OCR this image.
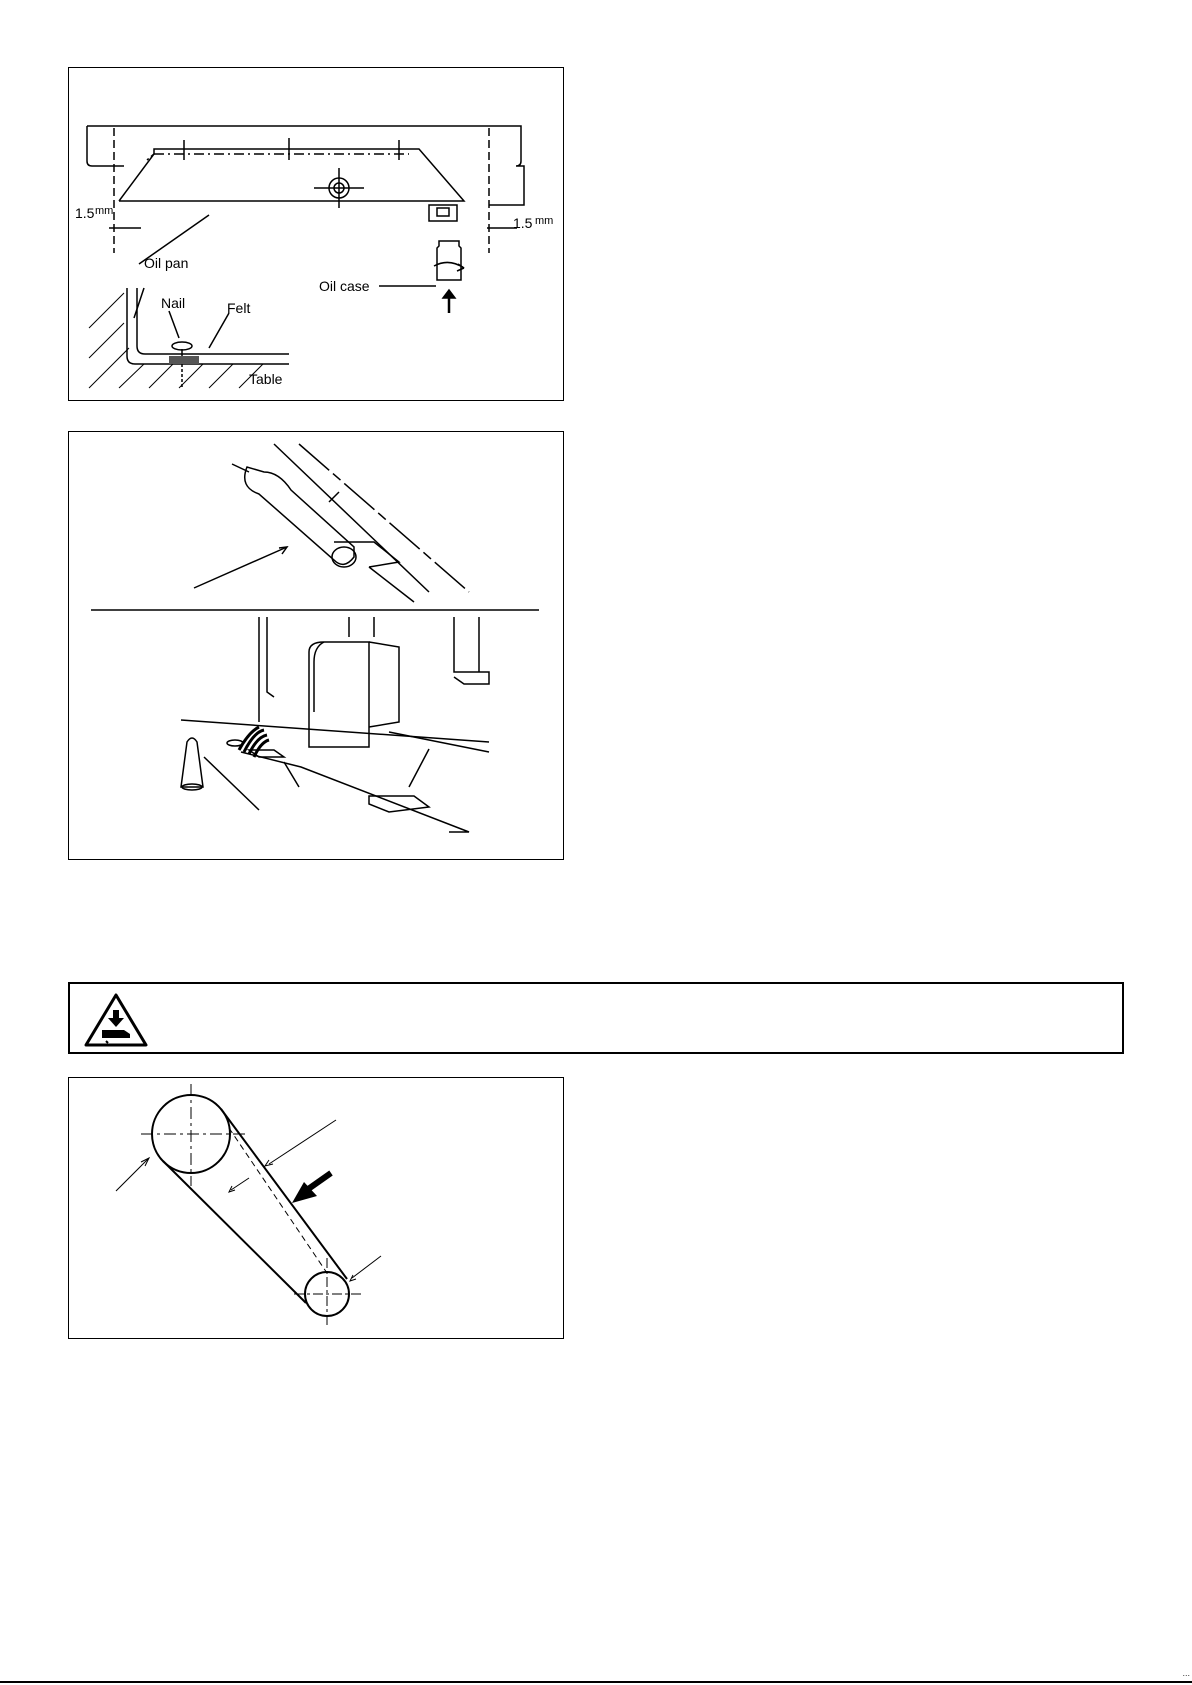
1.5 mm
1.5 mm
Oil pan
Oil case
Nail	Felt
Table
...
